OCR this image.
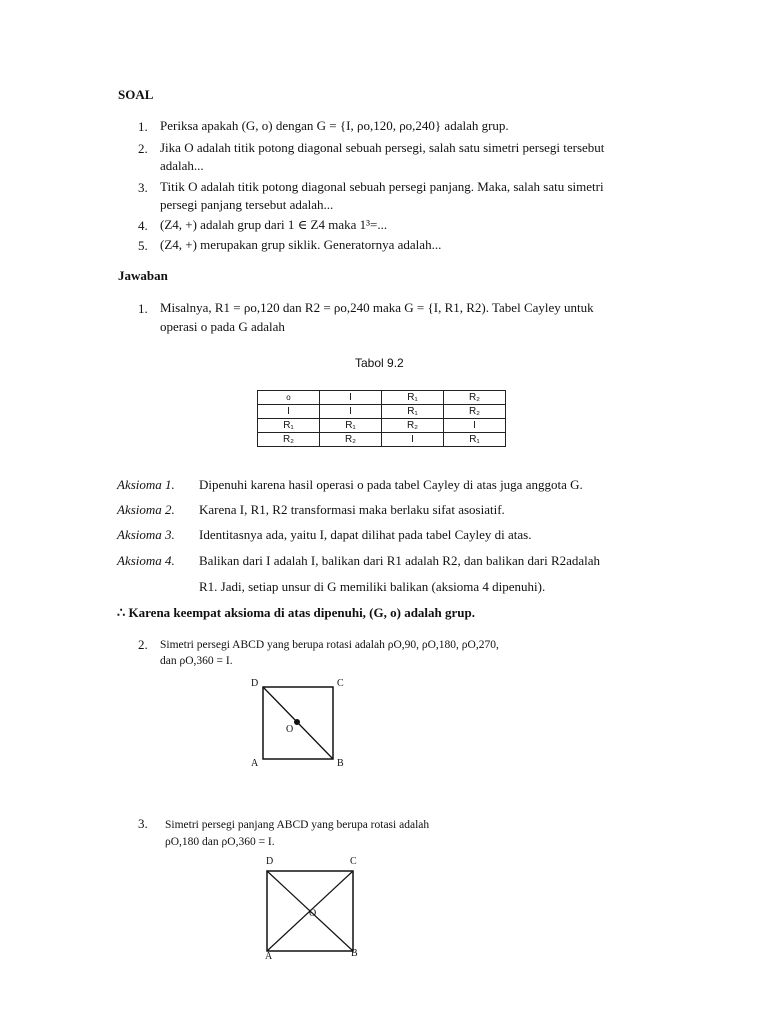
SOAL
1. Periksa apakah (G, o) dengan G = {I, ρo,120, ρo,240} adalah grup.
2. Jika O adalah titik potong diagonal sebuah persegi, salah satu simetri persegi tersebut
adalah...
3. Titik O adalah titik potong diagonal sebuah persegi panjang. Maka, salah satu simetri
persegi panjang tersebut adalah...
4. (Z4, +) adalah grup dari 1 ∈ Z4 maka 1³=...
5. (Z4, +) merupakan grup siklik. Generatornya adalah...
Jawaban
1. Misalnya, R1 = ρo,120 dan R2 = ρo,240 maka G = {I, R1, R2). Tabel Cayley untuk
operasi o pada G adalah
Tabol 9.2
o	I	R₁	R₂
I	I	R₁	R₂
R₁	R₁	R₂	I
R₂	R₂	I	R₁
Aksioma 1. Dipenuhi karena hasil operasi o pada tabel Cayley di atas juga anggota G.
Aksioma 2. Karena I, R1, R2 transformasi maka berlaku sifat asosiatif.
Aksioma 3. Identitasnya ada, yaitu I, dapat dilihat pada tabel Cayley di atas.
Aksioma 4. Balikan dari I adalah I, balikan dari R1 adalah R2, dan balikan dari R2adalah
R1. Jadi, setiap unsur di G memiliki balikan (aksioma 4 dipenuhi).
∴ Karena keempat aksioma di atas dipenuhi, (G, o) adalah grup.
2. Simetri persegi ABCD yang berupa rotasi adalah ρO,90, ρO,180, ρO,270,
dan ρO,360 = I.
D	C
A	B
O
3. Simetri persegi panjang ABCD yang berupa rotasi adalah
ρO,180 dan ρO,360 = I.
D	C
A	B
O
